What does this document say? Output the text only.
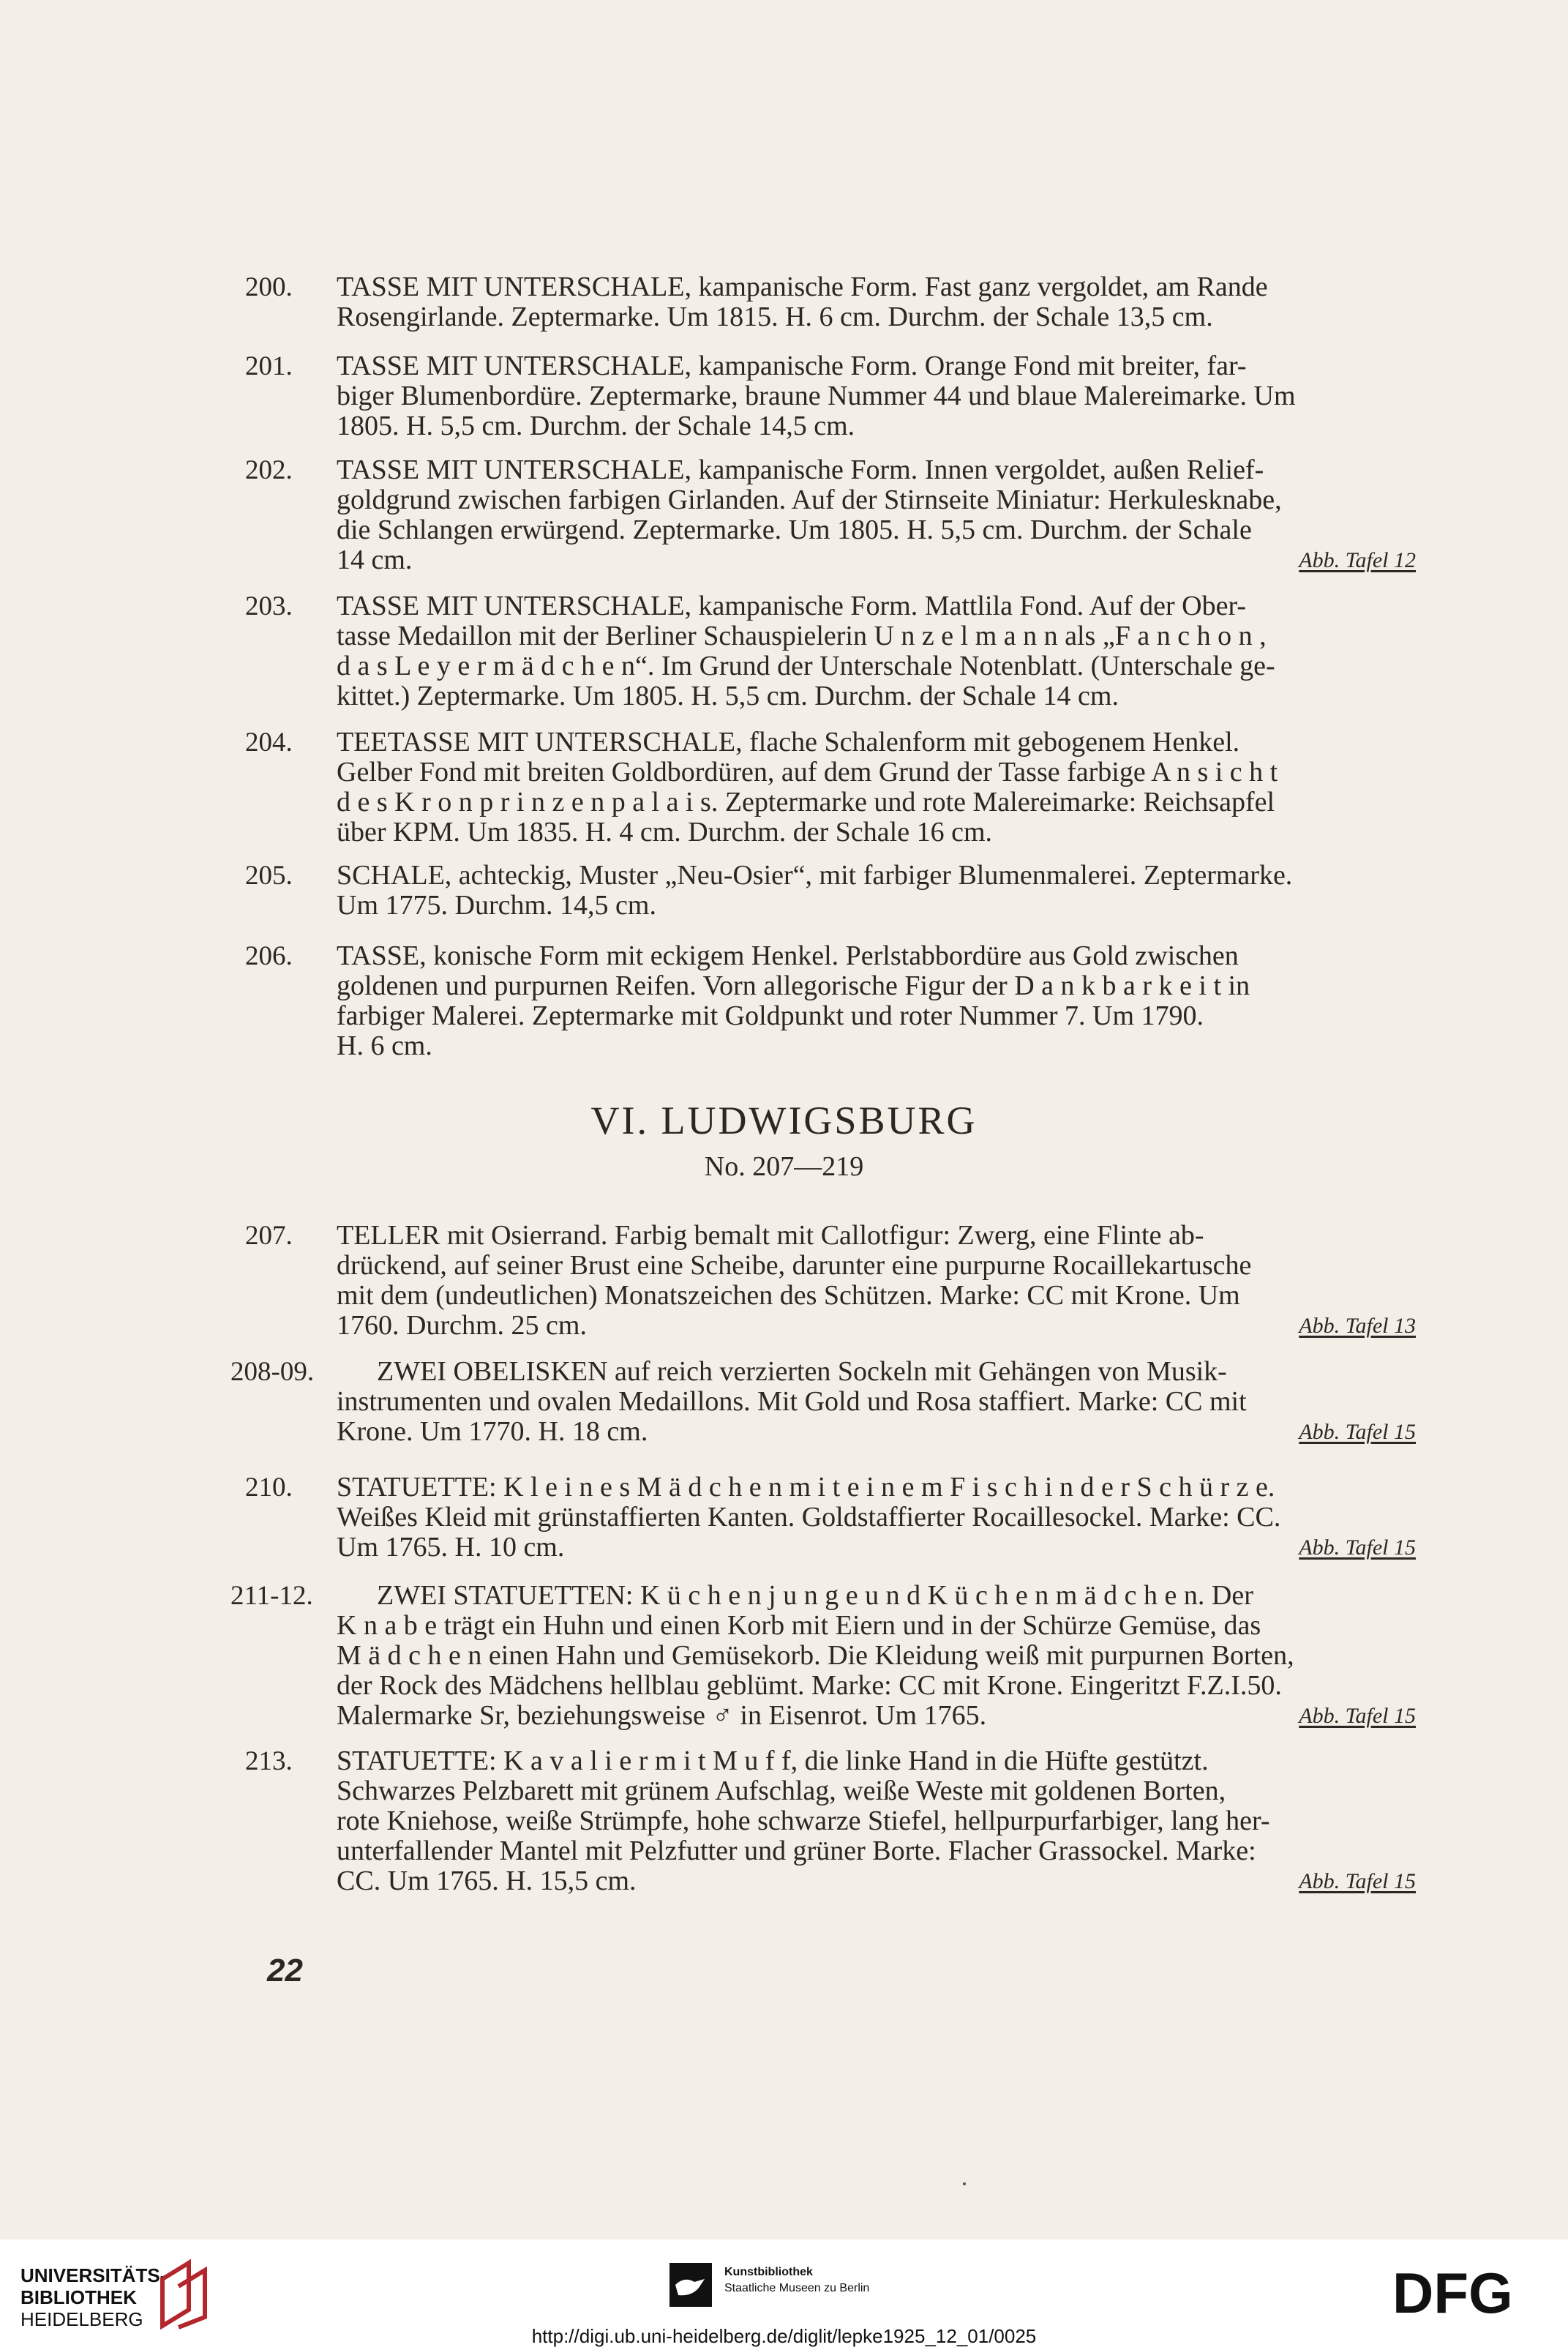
200. TASSE MIT UNTERSCHALE, kampanische Form. Fast ganz vergoldet, am Rande
Rosengirlande. Zeptermarke. Um 1815. H. 6 cm. Durchm. der Schale 13,5 cm.
201. TASSE MIT UNTERSCHALE, kampanische Form. Orange Fond mit breiter, far-
biger Blumenbordüre. Zeptermarke, braune Nummer 44 und blaue Malereimarke. Um
1805. H. 5,5 cm. Durchm. der Schale 14,5 cm.
202. TASSE MIT UNTERSCHALE, kampanische Form. Innen vergoldet, außen Relief-
goldgrund zwischen farbigen Girlanden. Auf der Stirnseite Miniatur: Herkulesknabe,
die Schlangen erwürgend. Zeptermarke. Um 1805. H. 5,5 cm. Durchm. der Schale
14 cm.	Abb. Tafel 12
203. TASSE MIT UNTERSCHALE, kampanische Form. Mattlila Fond. Auf der Ober-
tasse Medaillon mit der Berliner Schauspielerin U n z e l m a n n als „F a n c h o n ,
d a s L e y e r m ä d c h e n“. Im Grund der Unterschale Notenblatt. (Unterschale ge-
kittet.) Zeptermarke. Um 1805. H. 5,5 cm. Durchm. der Schale 14 cm.
204. TEETASSE MIT UNTERSCHALE, flache Schalenform mit gebogenem Henkel.
Gelber Fond mit breiten Goldbordüren, auf dem Grund der Tasse farbige A n s i c h t
d e s K r o n p r i n z e n p a l a i s. Zeptermarke und rote Malereimarke: Reichsapfel
über KPM. Um 1835. H. 4 cm. Durchm. der Schale 16 cm.
205. SCHALE, achteckig, Muster „Neu-Osier“, mit farbiger Blumenmalerei. Zeptermarke.
Um 1775. Durchm. 14,5 cm.
206. TASSE, konische Form mit eckigem Henkel. Perlstabbordüre aus Gold zwischen
goldenen und purpurnen Reifen. Vorn allegorische Figur der D a n k b a r k e i t in
farbiger Malerei. Zeptermarke mit Goldpunkt und roter Nummer 7. Um 1790.
H. 6 cm.
207. TELLER mit Osierrand. Farbig bemalt mit Callotfigur: Zwerg, eine Flinte ab-
drückend, auf seiner Brust eine Scheibe, darunter eine purpurne Rocaillekartusche
mit dem (undeutlichen) Monatszeichen des Schützen. Marke: CC mit Krone. Um
1760. Durchm. 25 cm.	Abb. Tafel 13
208-09. ZWEI OBELISKEN auf reich verzierten Sockeln mit Gehängen von Musik-
instrumenten und ovalen Medaillons. Mit Gold und Rosa staffiert. Marke: CC mit
Krone. Um 1770. H. 18 cm.	Abb. Tafel 15
210. STATUETTE: K l e i n e s M ä d c h e n m i t e i n e m F i s c h i n d e r S c h ü r z e.
Weißes Kleid mit grünstaffierten Kanten. Goldstaffierter Rocaillesockel. Marke: CC.
Um 1765. H. 10 cm.	Abb. Tafel 15
211-12. ZWEI STATUETTEN: K ü c h e n j u n g e u n d K ü c h e n m ä d c h e n. Der
K n a b e trägt ein Huhn und einen Korb mit Eiern und in der Schürze Gemüse, das
M ä d c h e n einen Hahn und Gemüsekorb. Die Kleidung weiß mit purpurnen Borten,
der Rock des Mädchens hellblau geblümt. Marke: CC mit Krone. Eingeritzt F.Z.I.50.
Malermarke Sr, beziehungsweise ♂ in Eisenrot. Um 1765.	Abb. Tafel 15
213. STATUETTE: K a v a l i e r m i t M u f f, die linke Hand in die Hüfte gestützt.
Schwarzes Pelzbarett mit grünem Aufschlag, weiße Weste mit goldenen Borten,
rote Kniehose, weiße Strümpfe, hohe schwarze Stiefel, hellpurpurfarbiger, lang her-
unterfallender Mantel mit Pelzfutter und grüner Borte. Flacher Grassockel. Marke:
CC. Um 1765. H. 15,5 cm.	Abb. Tafel 15
VI. LUDWIGSBURG
No. 207—219
22
UNIVERSITÄTS-
BIBLIOTHEK
HEIDELBERG
Kunstbibliothek
Staatliche Museen zu Berlin	DFG
http://digi.ub.uni-heidelberg.de/diglit/lepke1925_12_01/0025
